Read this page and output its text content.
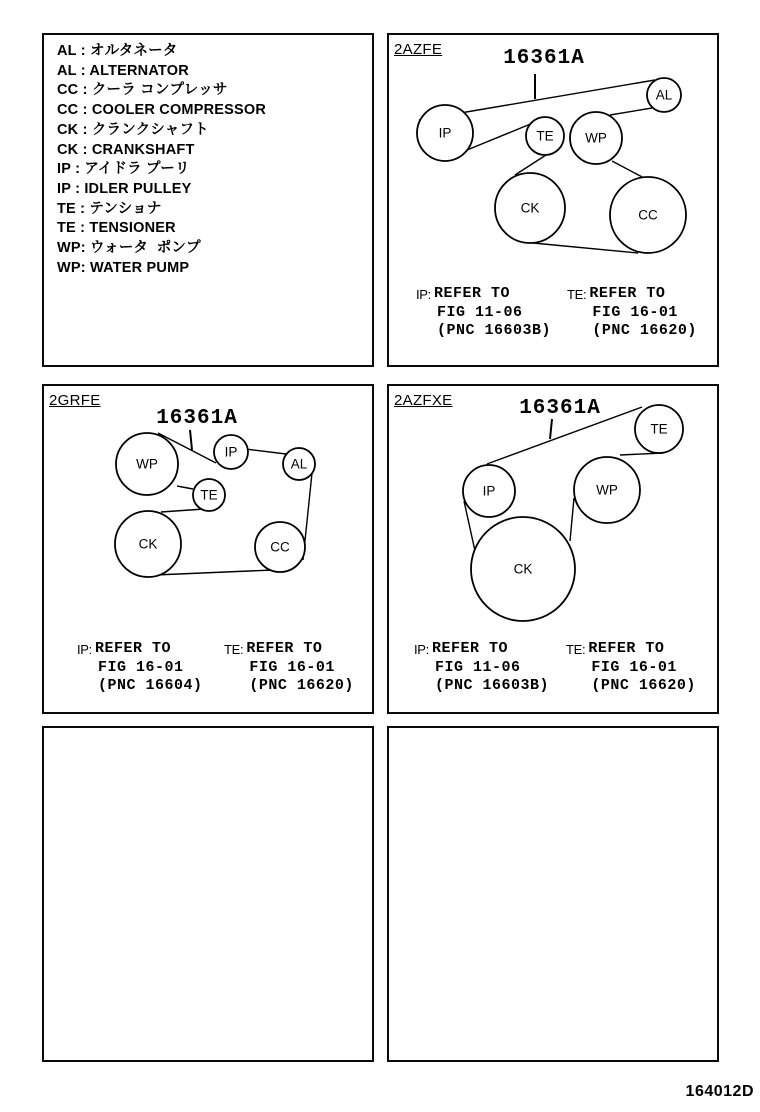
AL : オルタネータ
AL : ALTERNATOR
CC : クーラ コンプレッサ
CC : COOLER COMPRESSOR
CK : クランクシャフト
CK : CRANKSHAFT
IP : アイドラ プーリ
IP : IDLER PULLEY
TE : テンショナ
TE : TENSIONER
WP: ウォータ  ポンプ
WP: WATER PUMP
2AZFE	16361A
IP
AL
TE WP
CK	CC
IP: REFER TO
FIG 11-06
(PNC 16603B)
TE: REFER TO
FIG 16-01
(PNC 16620)
2GRFE
16361A
WP
IP
AL
TE
CK	CC
IP: REFER TO
FIG 16-01
(PNC 16604)
TE: REFER TO
FIG 16-01
(PNC 16620)
2AZFXE	16361A
TE
IP	WP
CK
IP: REFER TO
FIG 11-06
(PNC 16603B)
TE: REFER TO
FIG 16-01
(PNC 16620)
164012D
